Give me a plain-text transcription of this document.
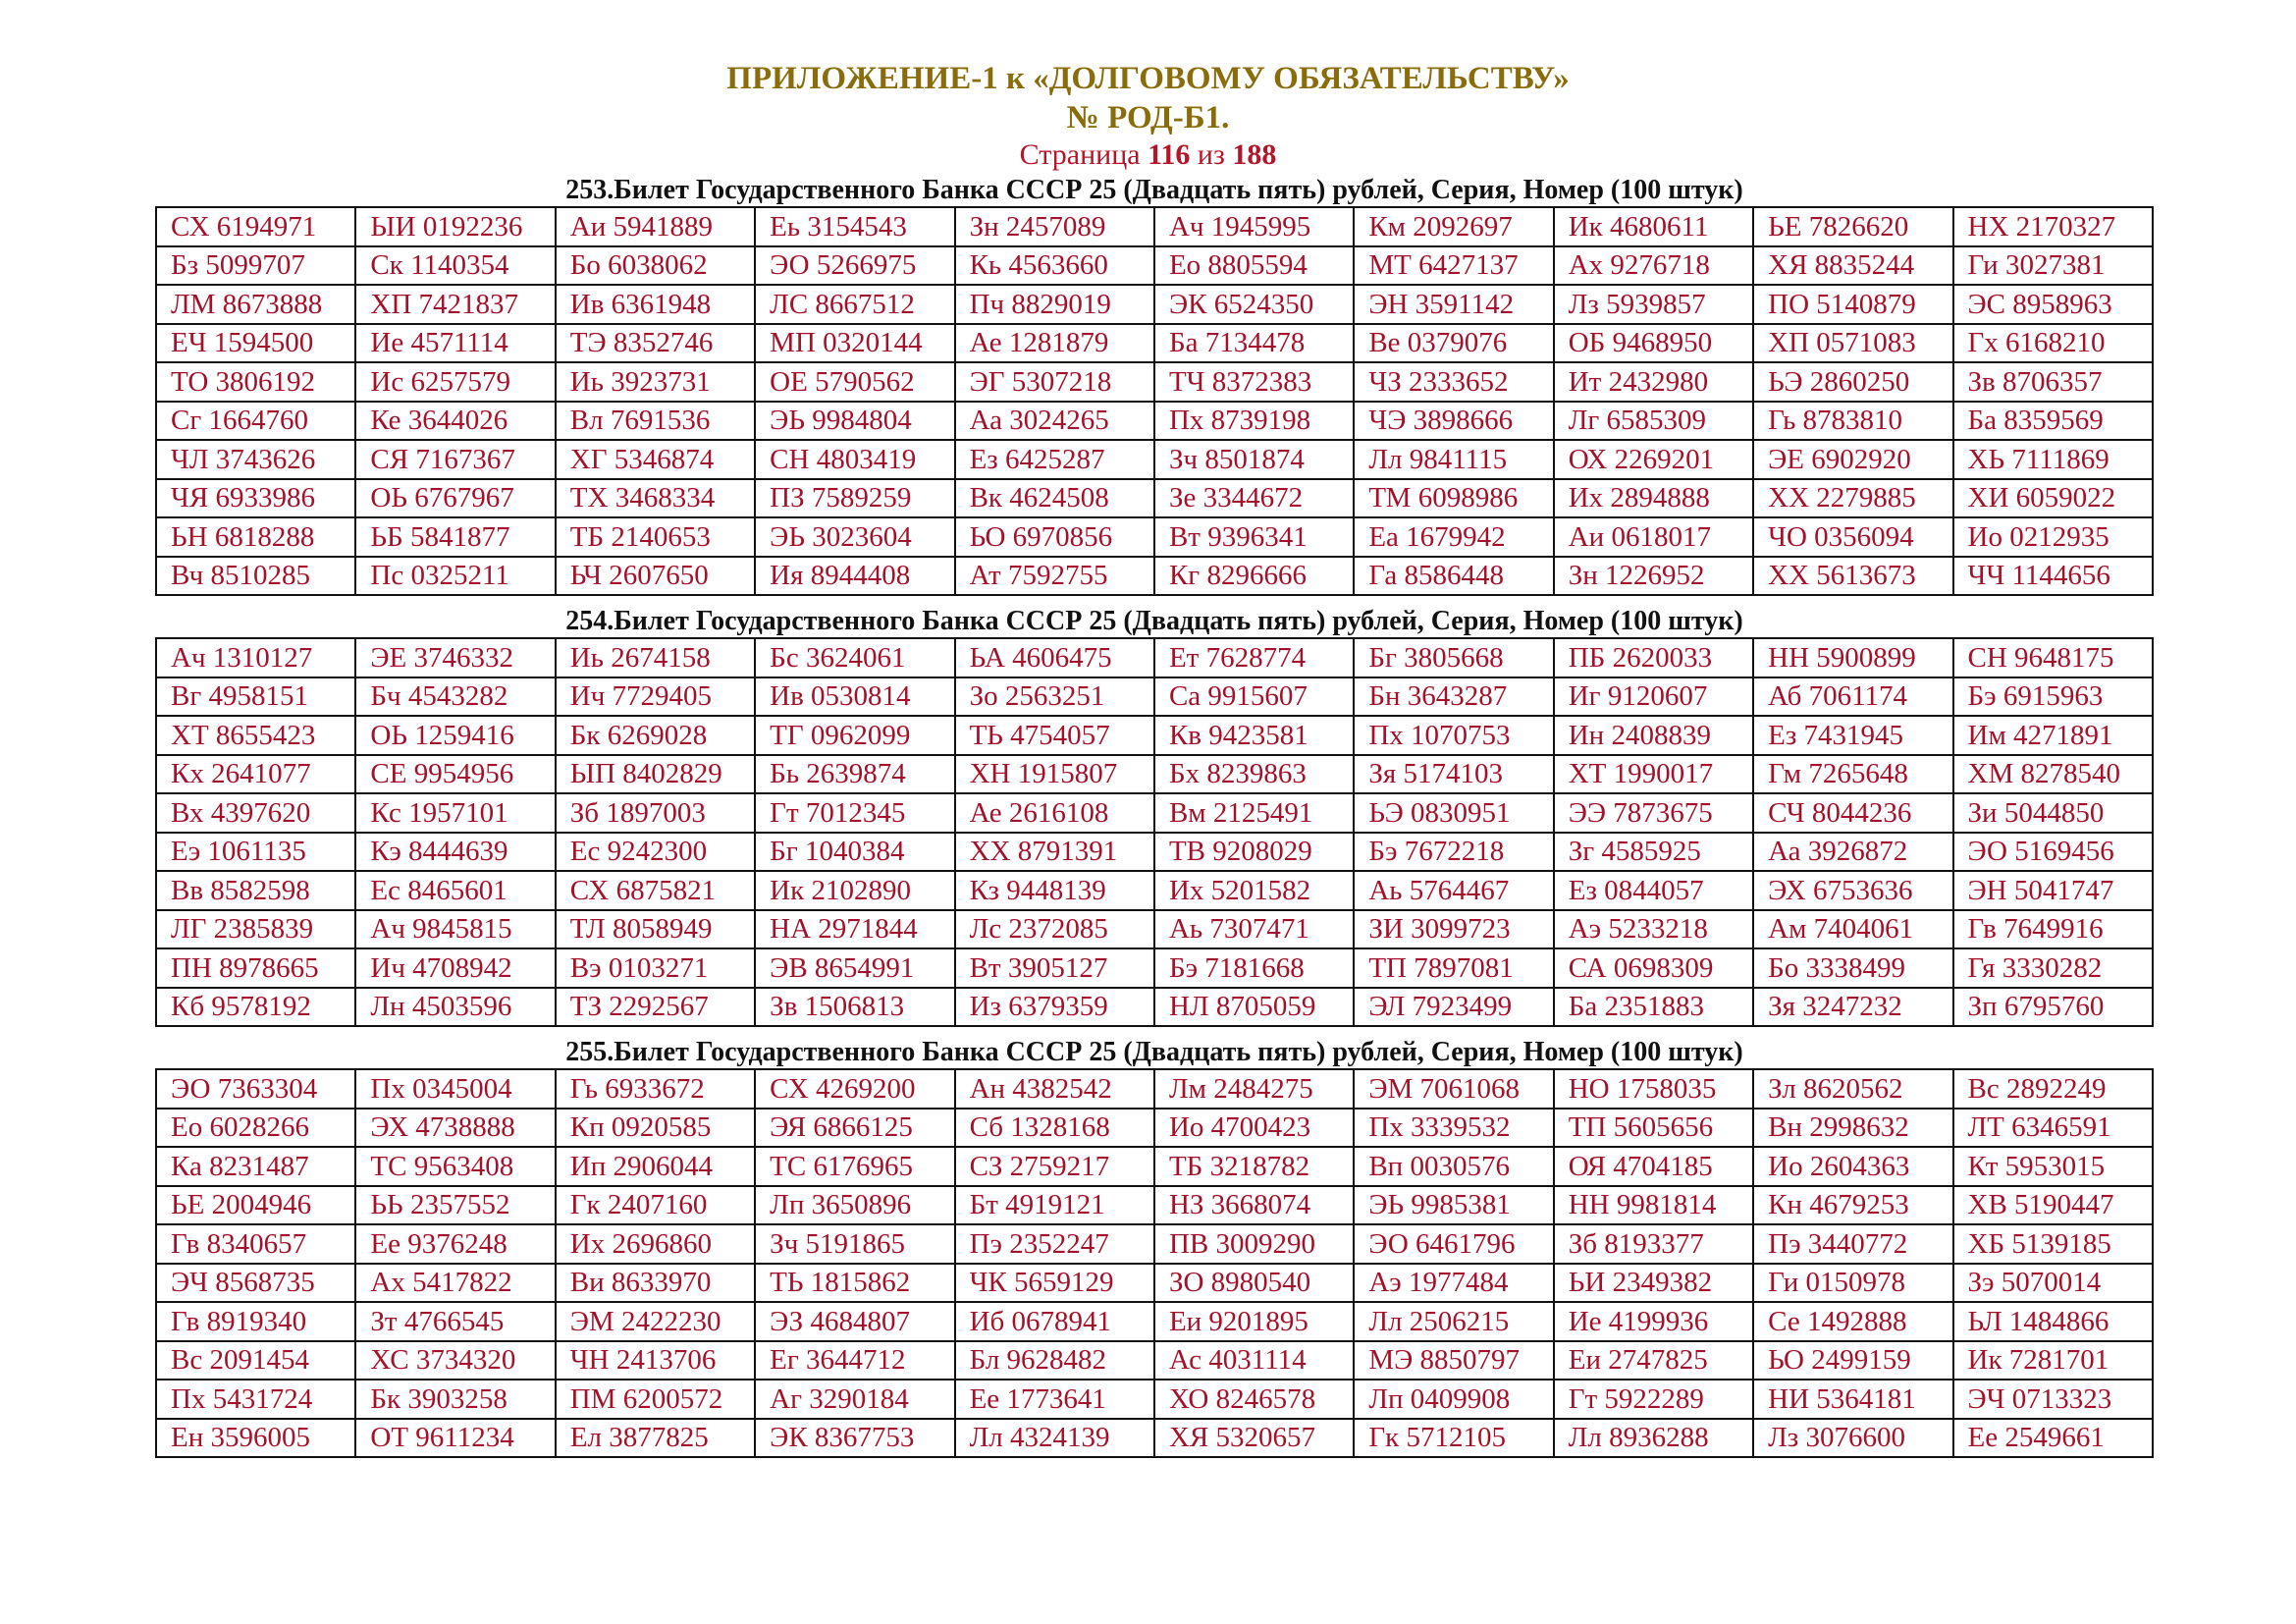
ПРИЛОЖЕНИЕ-1 к «ДОЛГОВОМУ ОБЯЗАТЕЛЬСТВУ»
№ РОД-Б1.
Страница 116 из 188
253.Билет Государственного Банка СССР 25 (Двадцать пять) рублей, Серия, Номер (100 штук)
СХ 6194971	ЫИ 0192236	Аи 5941889	Еь 3154543	Зн 2457089	Ач 1945995	Км 2092697	Ик 4680611	ЬЕ 7826620	НХ 2170327
Бз 5099707	Ск 1140354	Бо 6038062	ЭО 5266975	Кь 4563660	Ео 8805594	МТ 6427137	Ах 9276718	ХЯ 8835244	Ги 3027381
ЛМ 8673888	ХП 7421837	Ив 6361948	ЛС 8667512	Пч 8829019	ЭК 6524350	ЭН 3591142	Лз 5939857	ПО 5140879	ЭС 8958963
ЕЧ 1594500	Ие 4571114	ТЭ 8352746	МП 0320144	Ае 1281879	Ба 7134478	Ве 0379076	ОБ 9468950	ХП 0571083	Гх 6168210
ТО 3806192	Ис 6257579	Иь 3923731	ОЕ 5790562	ЭГ 5307218	ТЧ 8372383	ЧЗ 2333652	Ит 2432980	ЬЭ 2860250	Зв 8706357
Сг 1664760	Ке 3644026	Вл 7691536	ЭЬ 9984804	Аа 3024265	Пх 8739198	ЧЭ 3898666	Лг 6585309	Гь 8783810	Ба 8359569
ЧЛ 3743626	СЯ 7167367	ХГ 5346874	СН 4803419	Ез 6425287	Зч 8501874	Лл 9841115	ОХ 2269201	ЭЕ 6902920	ХЬ 7111869
ЧЯ 6933986	ОЬ 6767967	ТХ 3468334	ПЗ 7589259	Вк 4624508	Зе 3344672	ТМ 6098986	Их 2894888	ХХ 2279885	ХИ 6059022
ЬН 6818288	ЬБ 5841877	ТБ 2140653	ЭЬ 3023604	ЬО 6970856	Вт 9396341	Еа 1679942	Аи 0618017	ЧО 0356094	Ио 0212935
Вч 8510285	Пс 0325211	ЬЧ 2607650	Ия 8944408	Ат 7592755	Кг 8296666	Га 8586448	Зн 1226952	ХХ 5613673	ЧЧ 1144656
254.Билет Государственного Банка СССР 25 (Двадцать пять) рублей, Серия, Номер (100 штук)
Ач 1310127	ЭЕ 3746332	Иь 2674158	Бс 3624061	ЬА 4606475	Ет 7628774	Бг 3805668	ПБ 2620033	НН 5900899	СН 9648175
Вг 4958151	Бч 4543282	Ич 7729405	Ив 0530814	Зо 2563251	Са 9915607	Бн 3643287	Иг 9120607	Аб 7061174	Бэ 6915963
ХТ 8655423	ОЬ 1259416	Бк 6269028	ТГ 0962099	ТЬ 4754057	Кв 9423581	Пх 1070753	Ин 2408839	Ез 7431945	Им 4271891
Кх 2641077	СЕ 9954956	ЫП 8402829	Бь 2639874	ХН 1915807	Бх 8239863	Зя 5174103	ХТ 1990017	Гм 7265648	ХМ 8278540
Вх 4397620	Кс 1957101	Зб 1897003	Гт 7012345	Ае 2616108	Вм 2125491	ЬЭ 0830951	ЭЭ 7873675	СЧ 8044236	Зи 5044850
Еэ 1061135	Кэ 8444639	Ес 9242300	Бг 1040384	ХХ 8791391	ТВ 9208029	Бэ 7672218	Зг 4585925	Аа 3926872	ЭО 5169456
Вв 8582598	Ес 8465601	СХ 6875821	Ик 2102890	Кз 9448139	Их 5201582	Аь 5764467	Ез 0844057	ЭХ 6753636	ЭН 5041747
ЛГ 2385839	Ач 9845815	ТЛ 8058949	НА 2971844	Лс 2372085	Аь 7307471	ЗИ 3099723	Аэ 5233218	Ам 7404061	Гв 7649916
ПН 8978665	Ич 4708942	Вэ 0103271	ЭВ 8654991	Вт 3905127	Бэ 7181668	ТП 7897081	СА 0698309	Бо 3338499	Гя 3330282
Кб 9578192	Лн 4503596	ТЗ 2292567	Зв 1506813	Из 6379359	НЛ 8705059	ЭЛ 7923499	Ба 2351883	Зя 3247232	Зп 6795760
255.Билет Государственного Банка СССР 25 (Двадцать пять) рублей, Серия, Номер (100 штук)
ЭО 7363304	Пх 0345004	Гь 6933672	СХ 4269200	Ан 4382542	Лм 2484275	ЭМ 7061068	НО 1758035	Зл 8620562	Вс 2892249
Ео 6028266	ЭХ 4738888	Кп 0920585	ЭЯ 6866125	Сб 1328168	Ио 4700423	Пх 3339532	ТП 5605656	Вн 2998632	ЛТ 6346591
Ка 8231487	ТС 9563408	Ип 2906044	ТС 6176965	СЗ 2759217	ТБ 3218782	Вп 0030576	ОЯ 4704185	Ио 2604363	Кт 5953015
ЬЕ 2004946	ЬЬ 2357552	Гк 2407160	Лп 3650896	Бт 4919121	НЗ 3668074	ЭЬ 9985381	НН 9981814	Кн 4679253	ХВ 5190447
Гв 8340657	Ее 9376248	Их 2696860	Зч 5191865	Пэ 2352247	ПВ 3009290	ЭО 6461796	Зб 8193377	Пэ 3440772	ХБ 5139185
ЭЧ 8568735	Ах 5417822	Ви 8633970	ТЬ 1815862	ЧК 5659129	ЗО 8980540	Аэ 1977484	ЬИ 2349382	Ги 0150978	Зэ 5070014
Гв 8919340	Зт 4766545	ЭМ 2422230	ЭЗ 4684807	Иб 0678941	Еи 9201895	Лл 2506215	Ие 4199936	Се 1492888	ЬЛ 1484866
Вс 2091454	ХС 3734320	ЧН 2413706	Ег 3644712	Бл 9628482	Ас 4031114	МЭ 8850797	Еи 2747825	ЬО 2499159	Ик 7281701
Пх 5431724	Бк 3903258	ПМ 6200572	Аг 3290184	Ее 1773641	ХО 8246578	Лп 0409908	Гт 5922289	НИ 5364181	ЭЧ 0713323
Ен 3596005	ОТ 9611234	Ел 3877825	ЭК 8367753	Лл 4324139	ХЯ 5320657	Гк 5712105	Лл 8936288	Лз 3076600	Ее 2549661
